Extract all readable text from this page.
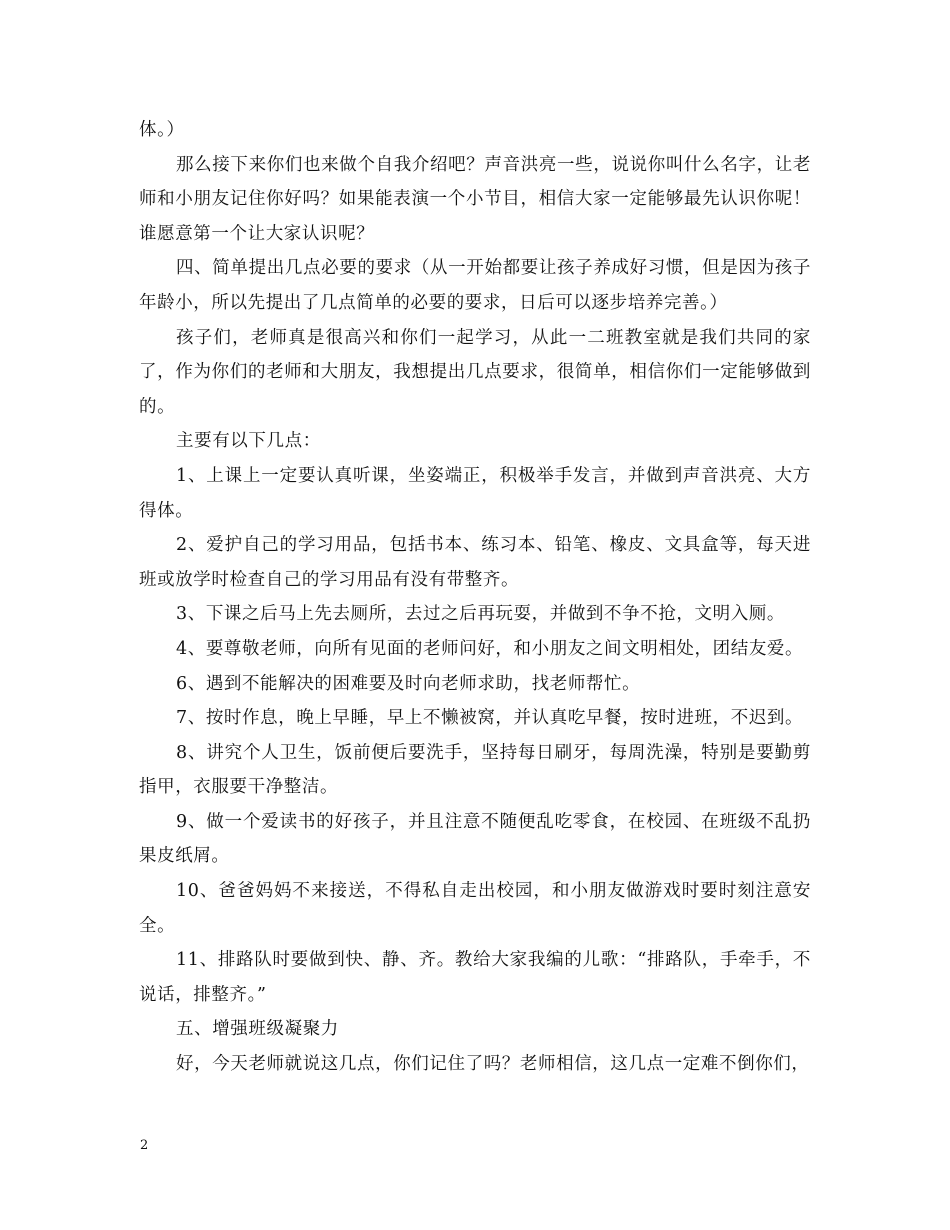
体。）

那么接下来你们也来做个自我介绍吧？声音洪亮一些，说说你叫什么名字，让老师和小朋友记住你好吗？如果能表演一个小节目，相信大家一定能够最先认识你呢！谁愿意第一个让大家认识呢？

四、简单提出几点必要的要求（从一开始都要让孩子养成好习惯，但是因为孩子年龄小，所以先提出了几点简单的必要的要求，日后可以逐步培养完善。）

孩子们，老师真是很高兴和你们一起学习，从此一二班教室就是我们共同的家了，作为你们的老师和大朋友，我想提出几点要求，很简单，相信你们一定能够做到的。

主要有以下几点：

1、上课上一定要认真听课，坐姿端正，积极举手发言，并做到声音洪亮、大方得体。

2、爱护自己的学习用品，包括书本、练习本、铅笔、橡皮、文具盒等，每天进班或放学时检查自己的学习用品有没有带整齐。

3、下课之后马上先去厕所，去过之后再玩耍，并做到不争不抢，文明入厕。

4、要尊敬老师，向所有见面的老师问好，和小朋友之间文明相处，团结友爱。

6、遇到不能解决的困难要及时向老师求助，找老师帮忙。

7、按时作息，晚上早睡，早上不懒被窝，并认真吃早餐，按时进班，不迟到。

8、讲究个人卫生，饭前便后要洗手，坚持每日刷牙，每周洗澡，特别是要勤剪指甲，衣服要干净整洁。

9、做一个爱读书的好孩子，并且注意不随便乱吃零食，在校园、在班级不乱扔果皮纸屑。

10、爸爸妈妈不来接送，不得私自走出校园，和小朋友做游戏时要时刻注意安全。

11、排路队时要做到快、静、齐。教给大家我编的儿歌：“排路队，手牵手，不说话，排整齐。”

五、增强班级凝聚力

好，今天老师就说这几点，你们记住了吗？老师相信，这几点一定难不倒你们，

2
